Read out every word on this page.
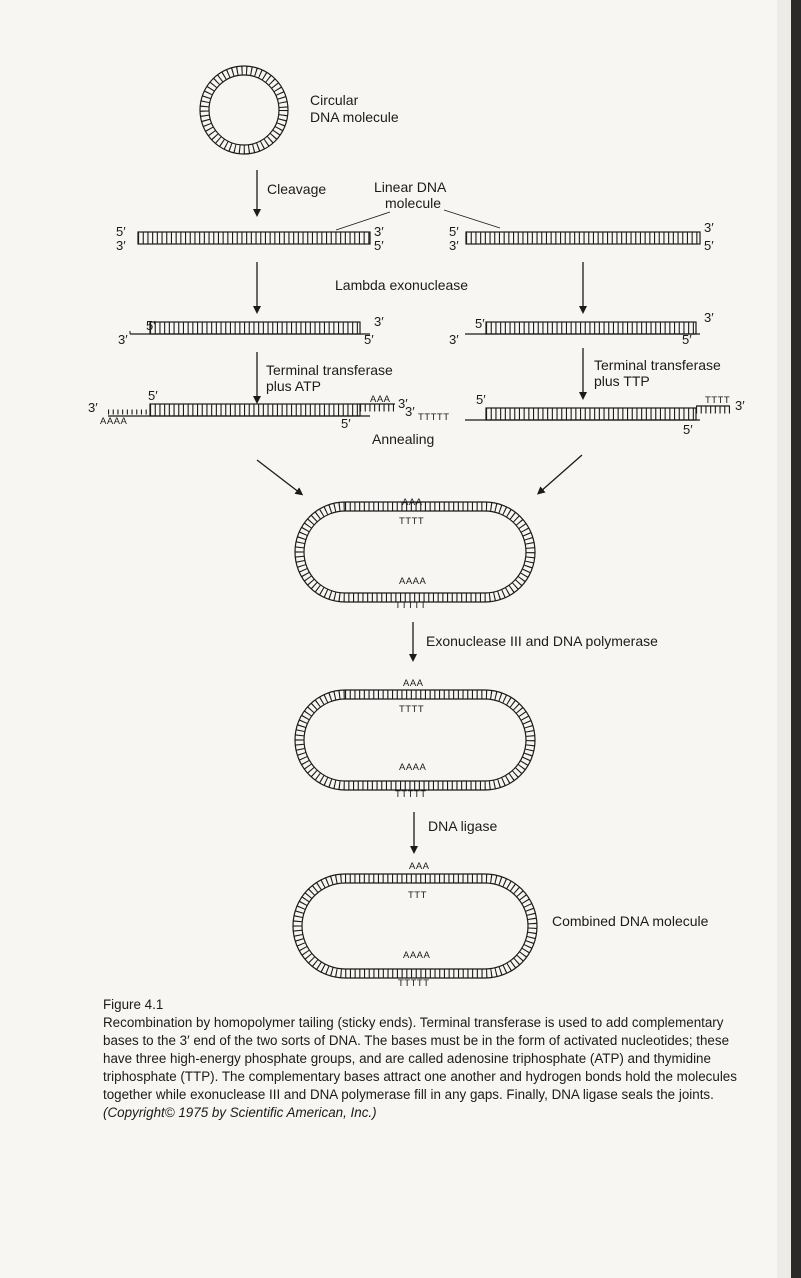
Circular
DNA molecule
Cleavage	Linear DNA
molecule
5′
3′
3′
5′
5′
3′
3′
5′
Lambda exonuclease
3′
5′	3′
5′	3′
5′	3′
5′
Terminal transferase
plus ATP
Terminal transferase
plus TTP
3′
AAAA
5′	AAA 3′
5′
3′ TTTTT
5′	TTTT 3′
5′
Annealing
AAA
TTTT
AAAA
TTTTT
Exonuclease III and DNA polymerase
AAA
TTTT
AAAA
TTTTT
DNA ligase
AAA
TTT
AAAA
TTTTT
Combined DNA molecule

Figure 4.1

Recombination by homopolymer tailing (sticky ends). Terminal transferase is used to add complementary bases to the 3′ end of the two sorts of DNA. The bases must be in the form of activated nucleotides; these have three high-energy phosphate groups, and are called adenosine triphosphate (ATP) and thymidine triphosphate (TTP). The complementary bases attract one another and hydrogen bonds hold the molecules together while exonuclease III and DNA polymerase fill in any gaps. Finally, DNA ligase seals the joints. (Copyright© 1975 by Scientific American, Inc.)
